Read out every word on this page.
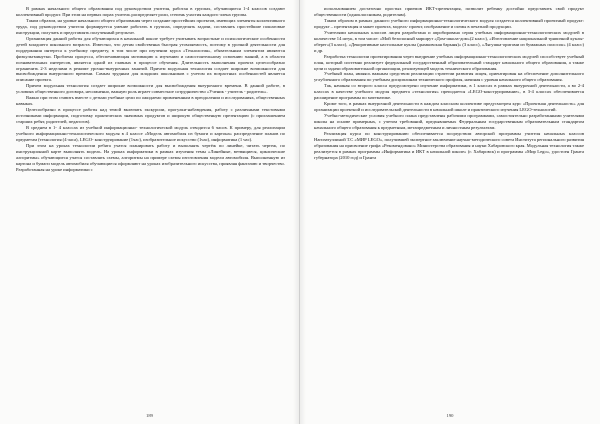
В рамках начального общего образования под руководством учителя, работая в группах, обучающиеся 1-4 классов создают коллективный продукт. При этом на первых порах учитель распределяет роли, степень участия каждого члена группы.

Таким образом, на уровне начального общего образования через создание простейших проектов, имеющих элементы коллективного труда, под руководством учителя формируется умение работать в группах, определять задачи, составлять простейшие пошаговые инструкции, получать и представлять полученный результат.

Организация данной работы для обучающихся в начальной школе требует учитывать возрастные и психологические особенности детей младшего школьного возраста. Известно, что детям свойственна быстрая утомляемость, поэтому в урочной деятельности для поддержания интереса к учебному предмету, в том числе при изучении курса «Технология», обязательным элементом являются физкультминутки. Проблема процесса, обеспечивающая мотивацию к изучению и самостоятельному освоению знаний, а в области познавательных интересов, является одной из главных в процессе обучения. Длительность выполнения проекта целесообразно ограничить 2-3 неделями в режиме урочно-внеурочных занятий. Причем модульная технология создает широкие возможности для высвобождения внеурочного времени. Самым трудным для младших школьников с учетом их возрастных особенностей является описание проекта.

Причем модульная технология создает широкие возможности для высвобождения внеурочного времени. В данной работе, в условиях общественного договора, несомненно, важную роль играет совместное сотрудничество «Ученик - учитель - родитель».

Важно при этом ставить вместе с детьми учебные цели по ожидаемо примененным в преодолении и исследованиях, общественных навыках.

Целесообразно в процессе работы над темой включать экскурсии, прогулки-наблюдения, работу с различными текстовыми источниками информации, подготовку практических значимых продуктов и широкую общественную презентацию (с приглашением старших ребят, родителей, педагогов).

В среднем в 1- 4 классах из учебной информационно- технологической модуль отводится 6 часов. К примеру, для реализации учебного информационно-технологического модуля в 4 классе «Модель автомобиля из бумаги и картона» распределение планов по предметам (технология (4 часа), LEGO- конструирование (1час), изобразительное искусство (1час), информатика (1 час).

При этом на уроках технологии ребята учатся планировать работу и выполнять чертёж по линейке, читать чертеж, по инструкционной карте выполнять модель. На уроках информатики в рамках изучения темы «Линейные, ветвящиеся, циклические алгоритмы» обучающиеся учатся составлять схемы, алгоритмы на примере схемы изготовления модели автомобиля. Выполненную из картона и бумаги модель автомобиля обучающиеся оформляют на уроках изобразительного искусства, проявляя фантазию и творчество. Разработанная на уроке информатики с

189

использованием достаточно простых приемов ИКТ-презентация, позволит ребенку достойно представить свой продукт общественности (одноклассникам, родителям).

Таким образом в рамках данного учебного информационно-технологического модуля создается коллективный проектный продукт: продукт – презентация и макет проекта, модель- проект, изображение и схемы в печатной продукции.

Учителями начальных классов лицея разработана и апробирована серия учебных информационно-технологических модулей в количестве 14 штук, в том числе: «Мой безопасный маршрут «Дом-школа-дом»(2 класс), «Изготовление национальной тряпичной куклы-оберег»(3 класс), «Декоративные настольные куклы (дымковская барыня)» (3 класс), «Лягушка-оригами из бумажных полосок» (4 класс) и др.

Разработка технологии проектирования через внедрение учебных информационно-технологических модулей способствует учебный план, который системно реализует федеральный государственный образовательный стандарт начального общего образования, а также цели и задачи образовательной организации, реализующей модель технического образования.

Учебный план, являясь важным средством реализации стратегии развития лицея, ориентирован на обеспечение дополнительного углубленного образования по учебным дисциплинам технического профиля, начиная с уровня начального общего образования.

Так, начиная со второго класса предусмотрено изучение информатики, в 1 классах в рамках внеурочной деятельности, а во 2-4 классах в качестве учебного модуля предмета «технология» преподается «LEGO-конструирование», в 3-4 классах обеспечивается расширение программы по математике.

Кроме того, в рамках внеурочной деятельности в каждом классном коллективе предусмотрен курс «Проектная деятельность» для организации проектной и исследовательской деятельности в начальной школе и практического изучения LEGO-технологий.

Учебно-методические условия учебного плана представлены рабочими программами, самостоятельно разработанными учителями школы на основе примерных, с учетом требований, предъявляемых Федеральным государственным образовательным стандартом начального общего образования к предметным, метапредметным и личностным результатам.

Реализация курса по конструированию обеспечивается посредством авторской программы учителя начальных классов Нагизатуллиной Т.С «МИР LEGO», получившей экспертное заключение научно-методического совета Института регионального развития образования на присвоение грифа «Рекомендовано» Министерства образования и науки Хабаровского края. Модульная технология также реализуется в рамках программы «Информатика и ИКТ в начальной школе» (г. Хабаровск) и программы «Мир Lego», удостоен Гранта губернатора (2010 год) и Гранта

190
